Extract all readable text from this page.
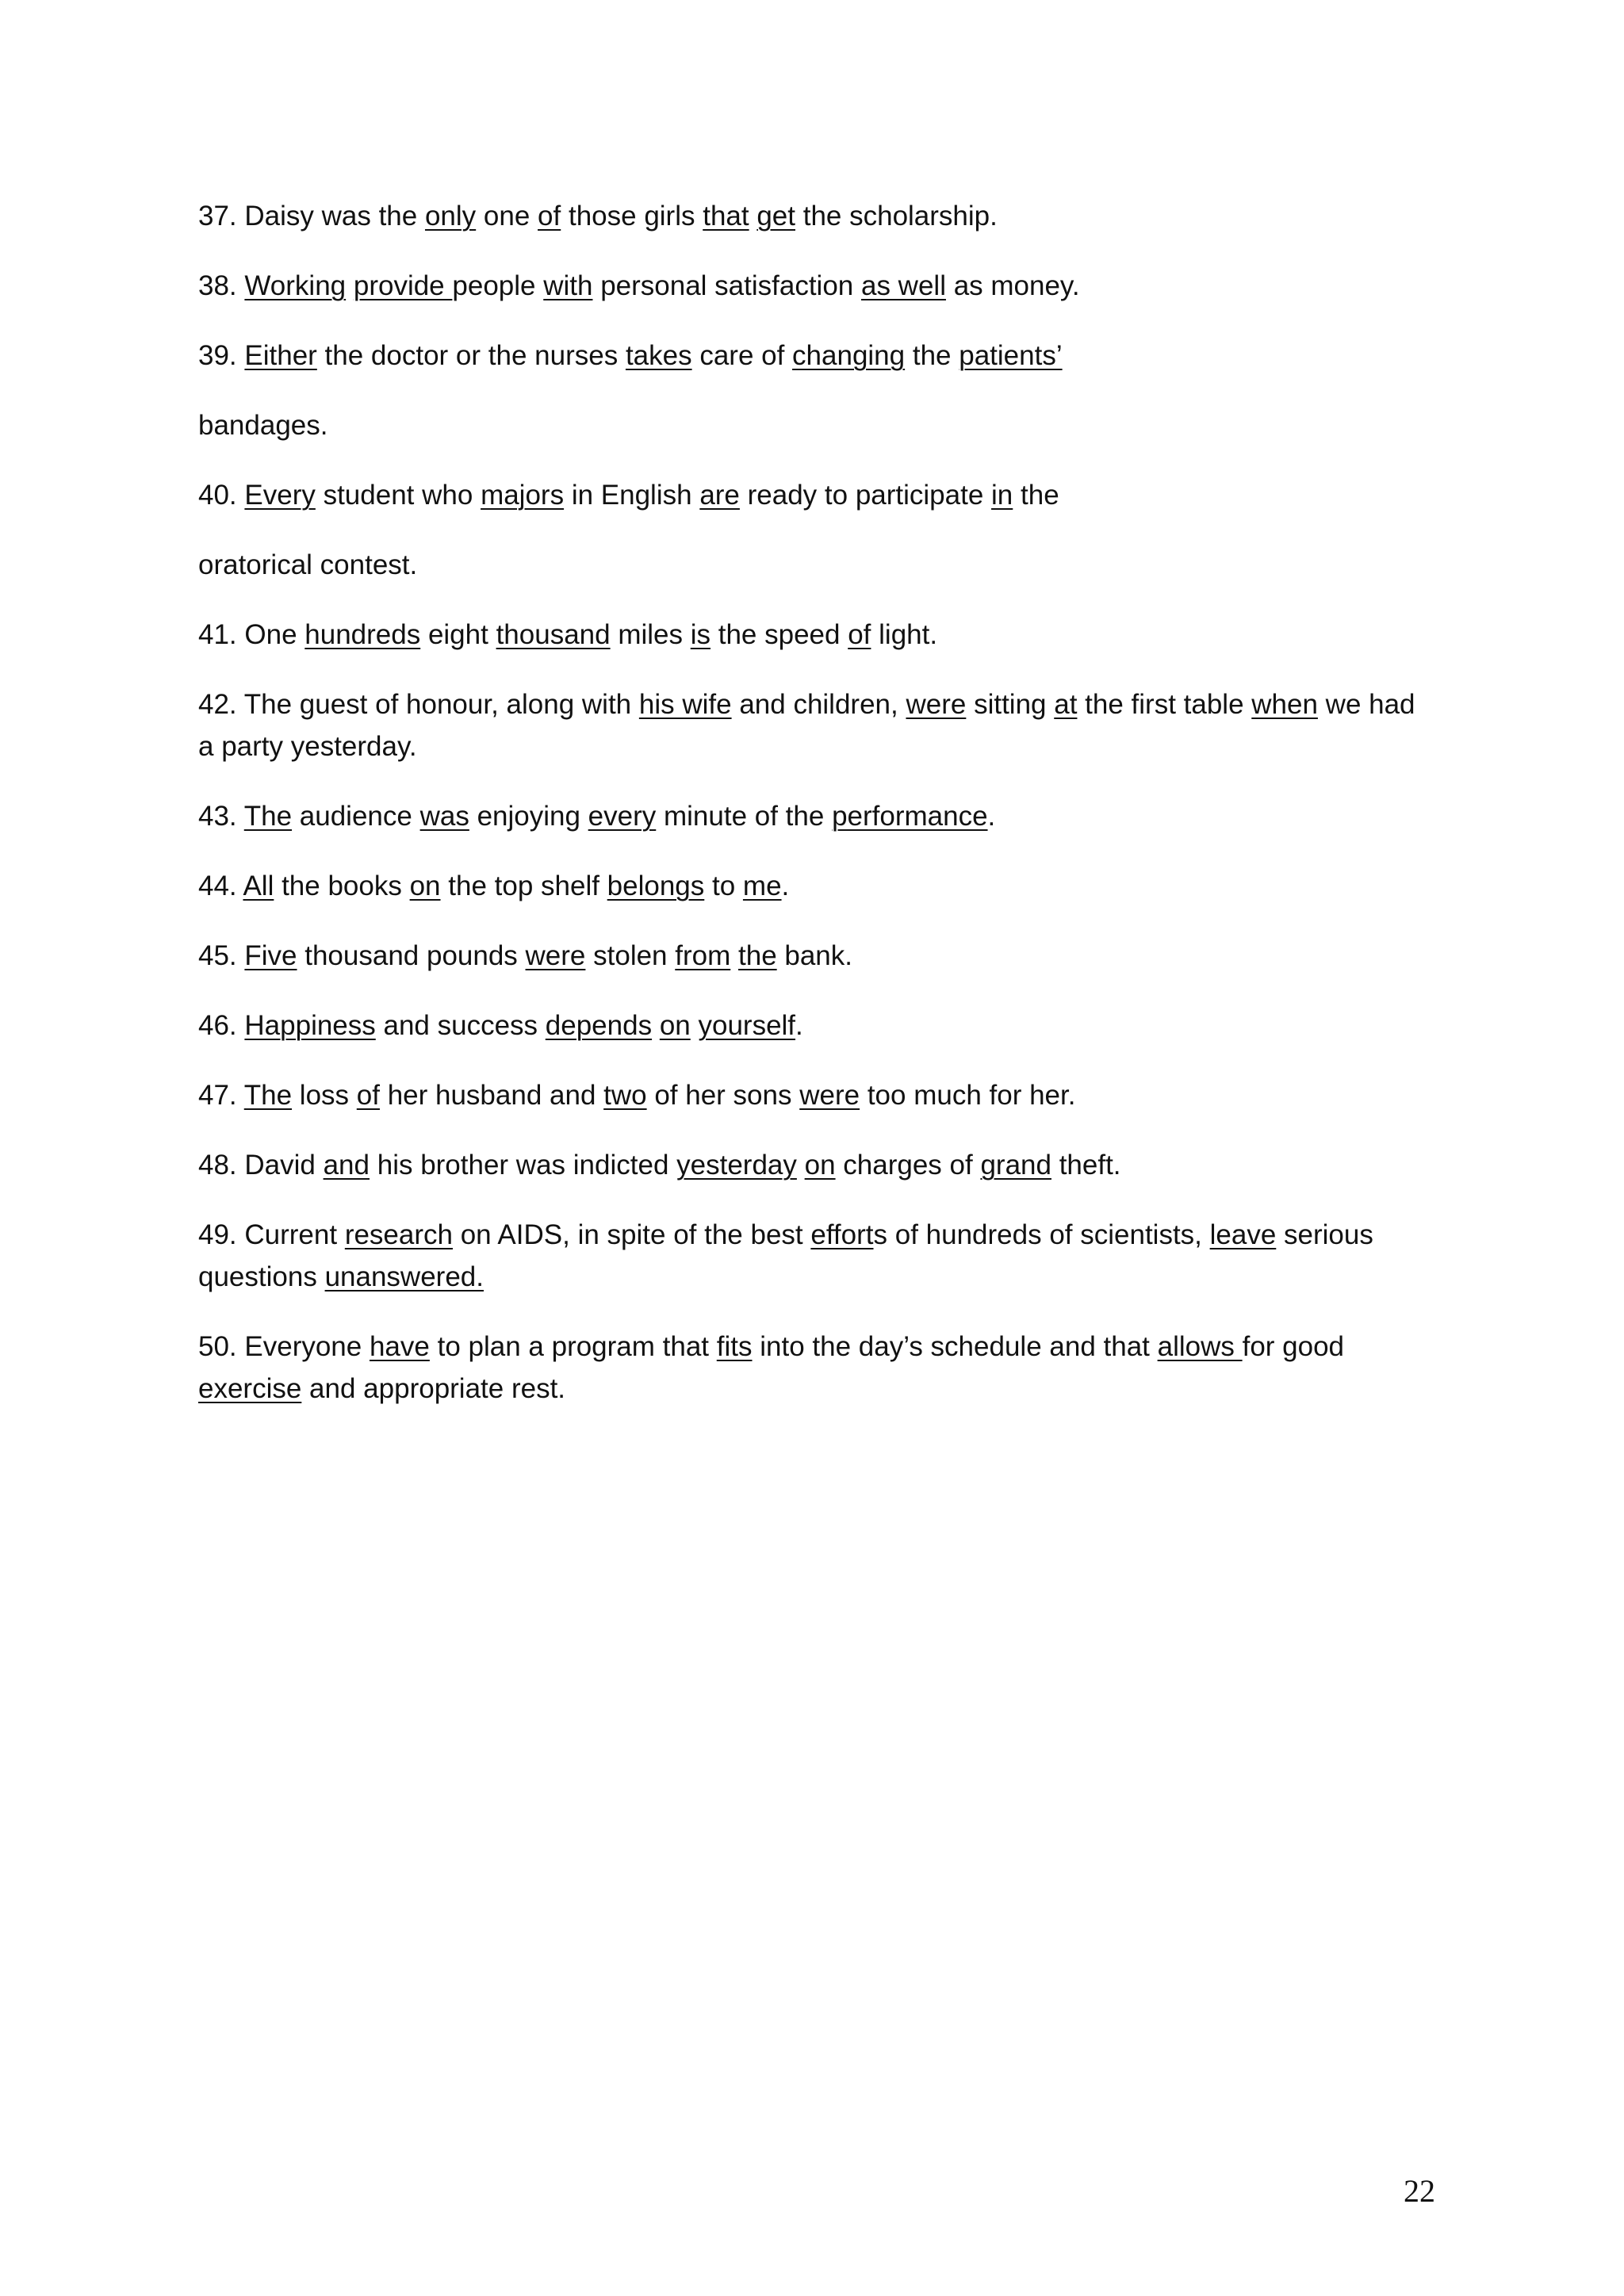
37. Daisy was the only one of those girls that get the scholarship.

38. Working provide people with personal satisfaction as well as money.

39. Either the doctor or the nurses takes care of changing the patients’

bandages.

40. Every student who majors in English are ready to participate in the

oratorical contest.

41. One hundreds eight thousand miles is the speed of light.

42. The guest of honour, along with his wife and children, were sitting at the first table when we had a party yesterday.

43. The audience was enjoying every minute of the performance.

44. All the books on the top shelf belongs to me.

45. Five thousand pounds were stolen from the bank.

46. Happiness and success depends on yourself.

47. The loss of her husband and two of her sons were too much for her.

48. David and his brother was indicted yesterday on charges of grand theft.

49. Current research on AIDS, in spite of the best efforts of hundreds of scientists, leave serious questions unanswered.

50. Everyone have to plan a program that fits into the day’s schedule and that allows for good exercise and appropriate rest.

22
